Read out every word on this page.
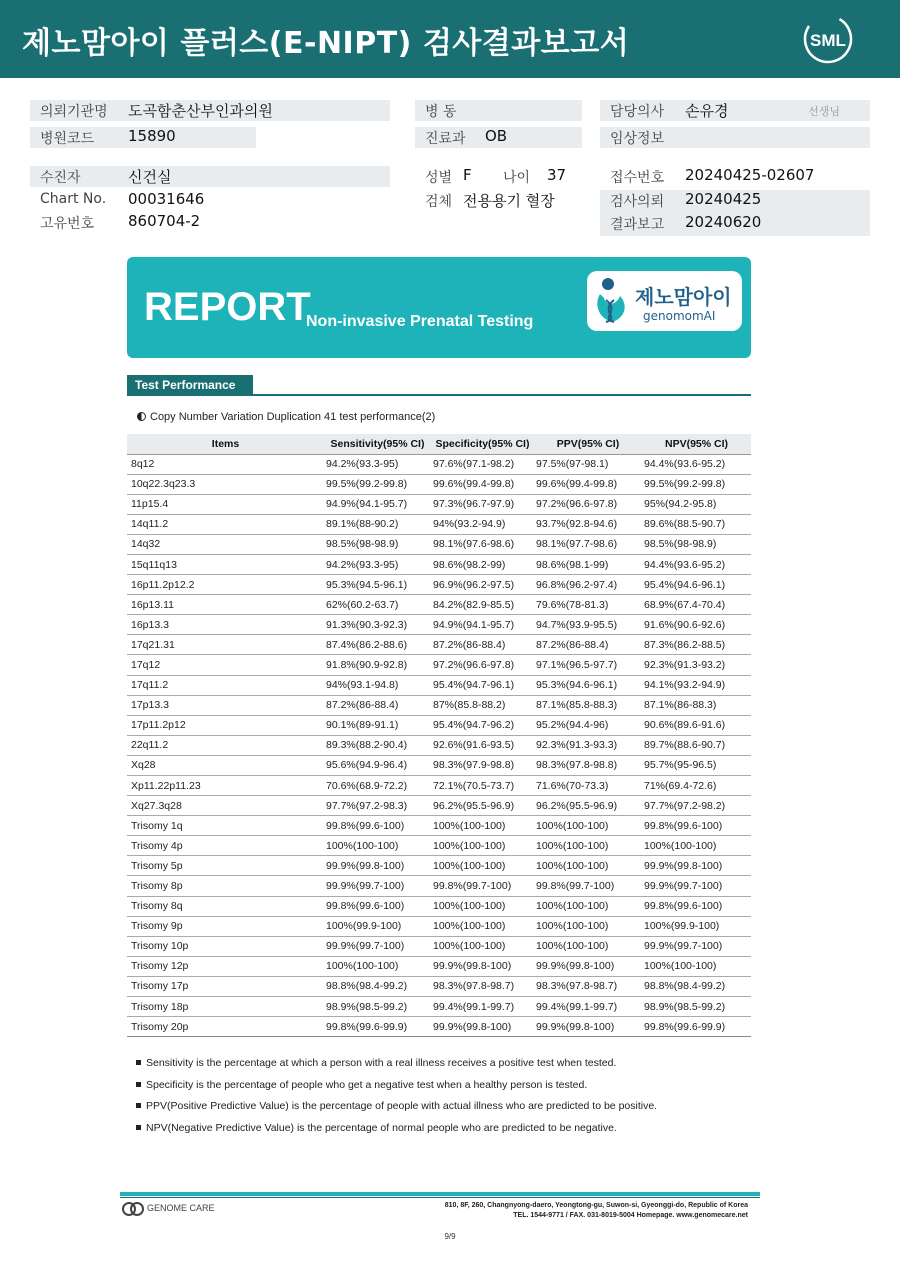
제노맘아이 플러스(E-NIPT) 검사결과보고서	SML
의뢰기관명 도곡함춘산부인과의원	병 동	담당의사 손유경	선생님
병원코드 15890	진료과 OB	임상정보
수진자	신건실	성별 F 나이 37	접수번호 20240425-02607
Chart No. 00031646	검체 전용용기 혈장	검사의뢰 20240425
결과보고 20240620
고유번호 860704-2
REPORT
Non-invasive Prenatal Testing
제노맘아이
genomomAI
Test Performance
Copy Number Variation Duplication 41 test performance(2)
Items	Sensitivity(95% CI)	Specificity(95% CI)	PPV(95% CI)	NPV(95% CI)
8q12	94.2%(93.3-95)	97.6%(97.1-98.2)	97.5%(97-98.1)	94.4%(93.6-95.2)
10q22.3q23.3	99.5%(99.2-99.8)	99.6%(99.4-99.8)	99.6%(99.4-99.8)	99.5%(99.2-99.8)
11p15.4	94.9%(94.1-95.7)	97.3%(96.7-97.9)	97.2%(96.6-97.8)	95%(94.2-95.8)
14q11.2	89.1%(88-90.2)	94%(93.2-94.9)	93.7%(92.8-94.6)	89.6%(88.5-90.7)
14q32	98.5%(98-98.9)	98.1%(97.6-98.6)	98.1%(97.7-98.6)	98.5%(98-98.9)
15q11q13	94.2%(93.3-95)	98.6%(98.2-99)	98.6%(98.1-99)	94.4%(93.6-95.2)
16p11.2p12.2	95.3%(94.5-96.1)	96.9%(96.2-97.5)	96.8%(96.2-97.4)	95.4%(94.6-96.1)
16p13.11	62%(60.2-63.7)	84.2%(82.9-85.5)	79.6%(78-81.3)	68.9%(67.4-70.4)
16p13.3	91.3%(90.3-92.3)	94.9%(94.1-95.7)	94.7%(93.9-95.5)	91.6%(90.6-92.6)
17q21.31	87.4%(86.2-88.6)	87.2%(86-88.4)	87.2%(86-88.4)	87.3%(86.2-88.5)
17q12	91.8%(90.9-92.8)	97.2%(96.6-97.8)	97.1%(96.5-97.7)	92.3%(91.3-93.2)
17q11.2	94%(93.1-94.8)	95.4%(94.7-96.1)	95.3%(94.6-96.1)	94.1%(93.2-94.9)
17p13.3	87.2%(86-88.4)	87%(85.8-88.2)	87.1%(85.8-88.3)	87.1%(86-88.3)
17p11.2p12	90.1%(89-91.1)	95.4%(94.7-96.2)	95.2%(94.4-96)	90.6%(89.6-91.6)
22q11.2	89.3%(88.2-90.4)	92.6%(91.6-93.5)	92.3%(91.3-93.3)	89.7%(88.6-90.7)
Xq28	95.6%(94.9-96.4)	98.3%(97.9-98.8)	98.3%(97.8-98.8)	95.7%(95-96.5)
Xp11.22p11.23	70.6%(68.9-72.2)	72.1%(70.5-73.7)	71.6%(70-73.3)	71%(69.4-72.6)
Xq27.3q28	97.7%(97.2-98.3)	96.2%(95.5-96.9)	96.2%(95.5-96.9)	97.7%(97.2-98.2)
Trisomy 1q	99.8%(99.6-100)	100%(100-100)	100%(100-100)	99.8%(99.6-100)
Trisomy 4p	100%(100-100)	100%(100-100)	100%(100-100)	100%(100-100)
Trisomy 5p	99.9%(99.8-100)	100%(100-100)	100%(100-100)	99.9%(99.8-100)
Trisomy 8p	99.9%(99.7-100)	99.8%(99.7-100)	99.8%(99.7-100)	99.9%(99.7-100)
Trisomy 8q	99.8%(99.6-100)	100%(100-100)	100%(100-100)	99.8%(99.6-100)
Trisomy 9p	100%(99.9-100)	100%(100-100)	100%(100-100)	100%(99.9-100)
Trisomy 10p	99.9%(99.7-100)	100%(100-100)	100%(100-100)	99.9%(99.7-100)
Trisomy 12p	100%(100-100)	99.9%(99.8-100)	99.9%(99.8-100)	100%(100-100)
Trisomy 17p	98.8%(98.4-99.2)	98.3%(97.8-98.7)	98.3%(97.8-98.7)	98.8%(98.4-99.2)
Trisomy 18p	98.9%(98.5-99.2)	99.4%(99.1-99.7)	99.4%(99.1-99.7)	98.9%(98.5-99.2)
Trisomy 20p	99.8%(99.6-99.9)	99.9%(99.8-100)	99.9%(99.8-100)	99.8%(99.6-99.9)
Sensitivity is the percentage at which a person with a real illness receives a positive test when tested.
Specificity is the percentage of people who get a negative test when a healthy person is tested.
PPV(Positive Predictive Value) is the percentage of people with actual illness who are predicted to be positive.
NPV(Negative Predictive Value) is the percentage of normal people who are predicted to be negative.
GENOME CARE	810, 8F, 260, Changnyong-daero, Yeongtong-gu, Suwon-si, Gyeonggi-do, Republic of Korea
TEL. 1544-9771 / FAX. 031-8019-5004 Homepage. www.genomecare.net
9/9
